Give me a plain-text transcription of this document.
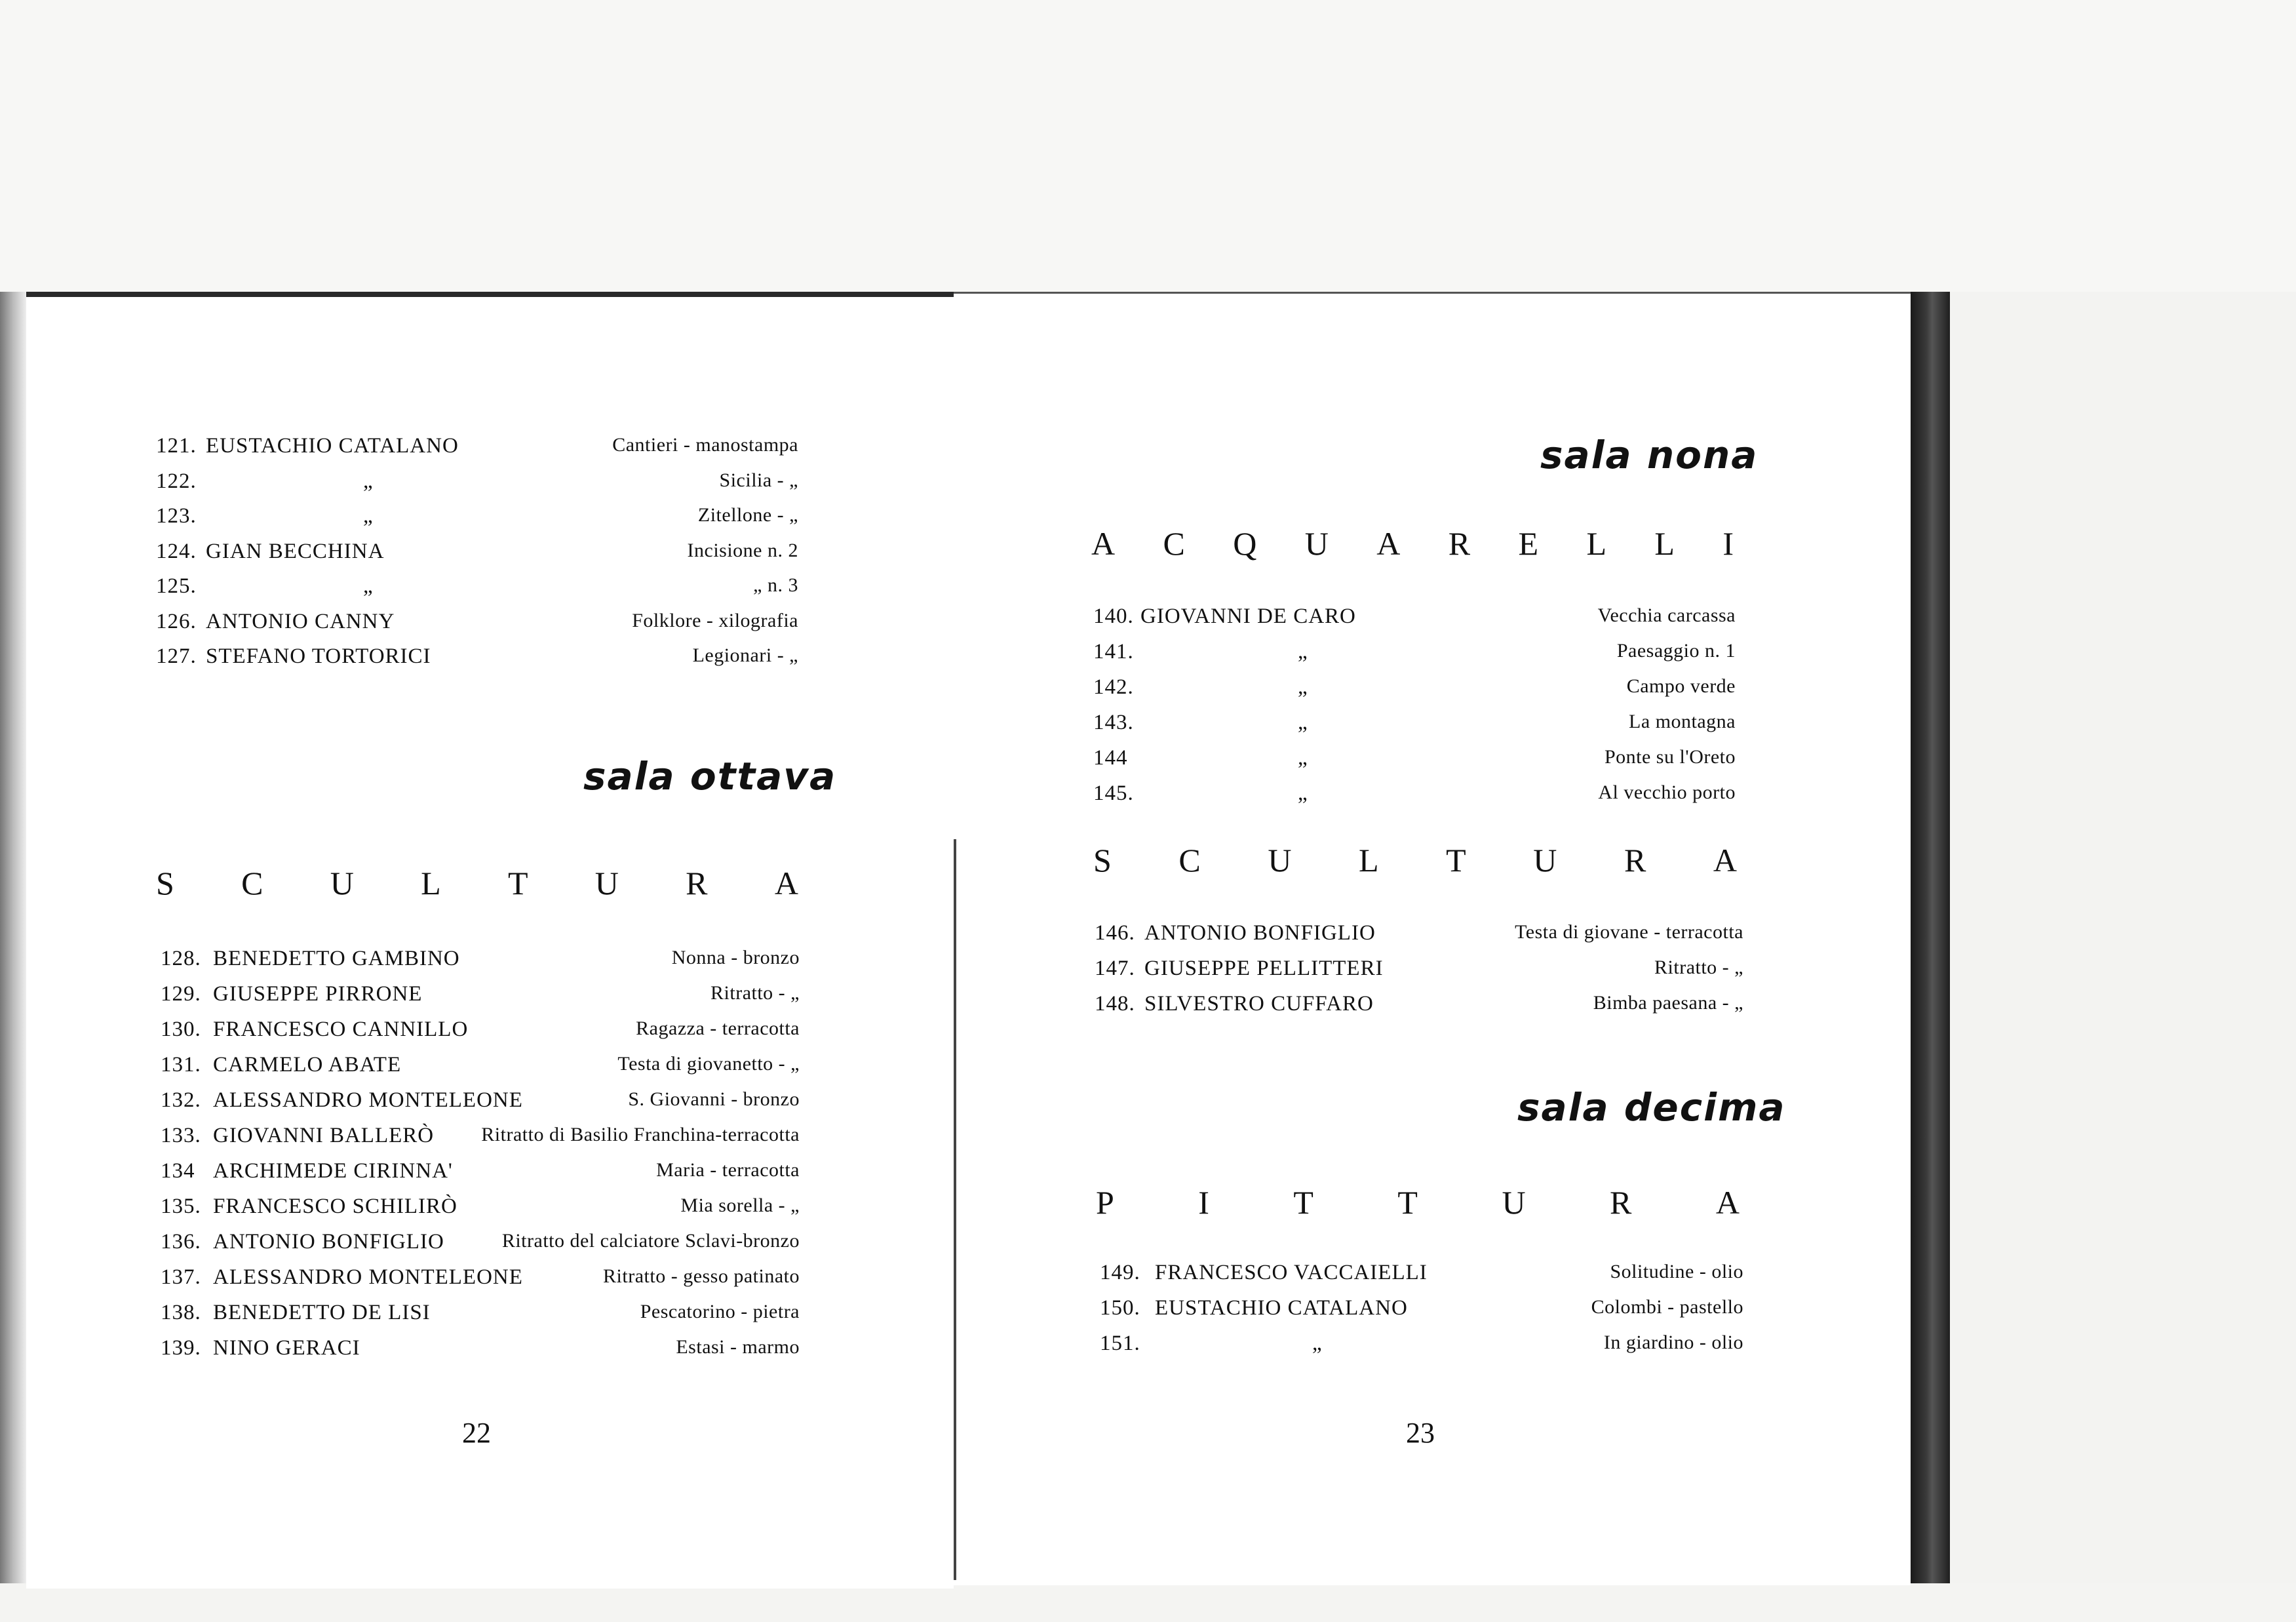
121. EUSTACHIO CATALANO	Cantieri - manostampa
122.	„	Sicilia - „
123.	„	Zitellone - „
124. GIAN BECCHINA	Incisione n. 2
125.	„	„ n. 3
126. ANTONIO CANNY	Folklore - xilografia
127. STEFANO TORTORICI	Legionari - „
sala ottava
S C U L T U R A
128. BENEDETTO GAMBINO	Nonna - bronzo
129. GIUSEPPE PIRRONE	Ritratto - „
130. FRANCESCO CANNILLO	Ragazza - terracotta
131. CARMELO ABATE	Testa di giovanetto - „
132. ALESSANDRO MONTELEONE	S. Giovanni - bronzo
133. GIOVANNI BALLERÒ Ritratto di Basilio Franchina-terracotta
134 ARCHIMEDE CIRINNA'	Maria - terracotta
135. FRANCESCO SCHILIRÒ	Mia sorella - „
136. ANTONIO BONFIGLIO	Ritratto del calciatore Sclavi-bronzo
137. ALESSANDRO MONTELEONE	Ritratto - gesso patinato
138. BENEDETTO DE LISI	Pescatorino - pietra
139. NINO GERACI	Estasi - marmo
22
sala nona
A C Q U A R E L L I
140. GIOVANNI DE CARO	Vecchia carcassa
141.	„	Paesaggio n. 1
142.	„	Campo verde
143.	„	La montagna
144	„	Ponte su l'Oreto
145.	„	Al vecchio porto
S C U L T U R A
146. ANTONIO BONFIGLIO	Testa di giovane - terracotta
147. GIUSEPPE PELLITTERI	Ritratto - „
148. SILVESTRO CUFFARO	Bimba paesana - „
sala decima
P	I	T	T	U	R	A
149. FRANCESCO VACCAIELLI	Solitudine - olio
150. EUSTACHIO CATALANO	Colombi - pastello
151.	„	In giardino - olio
23
